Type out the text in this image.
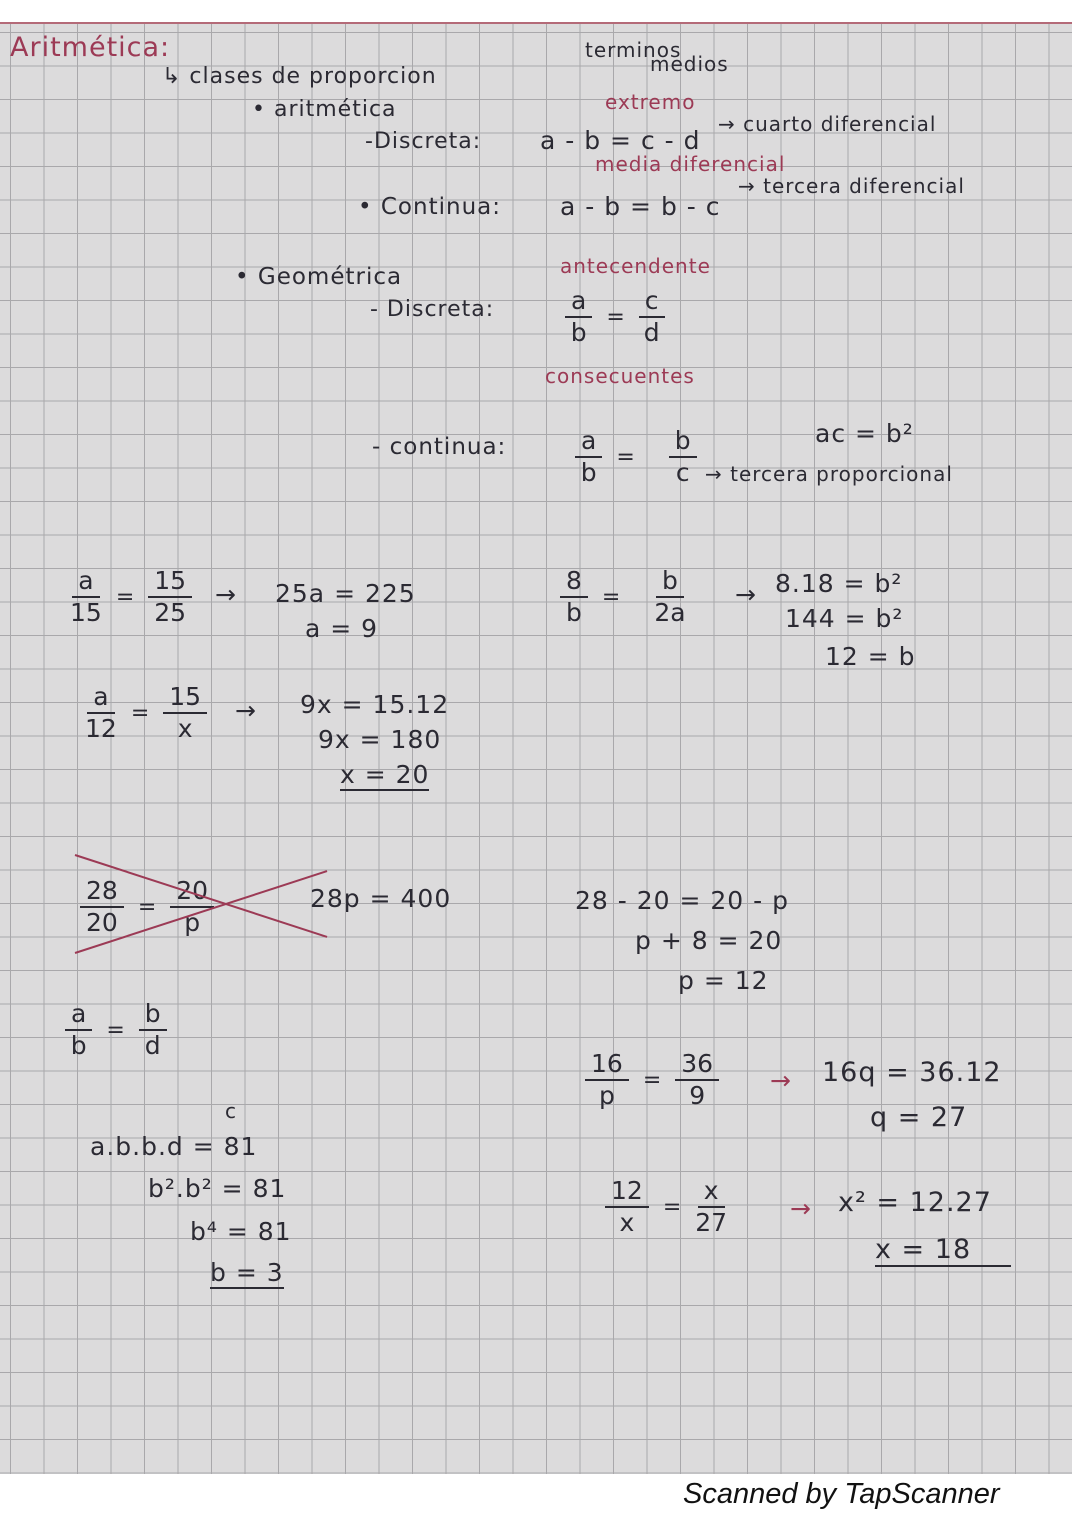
Aritmética:
↳ clases de proporcion
terminos
medios
extremo
• aritmética
-Discreta: a - b = c - d
→ cuarto diferencial
media diferencial
• Continua: a - b = b - c
→ tercera diferencial
• Geométrica	antecendente
- Discreta:	$\frac{a}{b} = \frac{c}{d}$
consecuentes
- continua:	$\frac{a}{b} = \frac{b}{c}$	ac = b²
→ tercera proporcional
$\frac{a}{15} = \frac{15}{25} \to 25a = 225$
a = 9
$\frac{8}{b} = \frac{b}{2a} \to 8.18 = b^2$
144 = b²
12 = b
$\frac{a}{12} = \frac{15}{x} \to 9x = 15.12$
9x = 180
x = 20
$\frac{28}{20} = \frac{20}{p}$	28p = 400	28 - 20 = 20 - p
p + 8 = 20
p = 12
$\frac{a}{b} = \frac{b}{d}$
c
a.b.b.d = 81
b².b² = 81
b⁴ = 81
b = 3
$\frac{16}{p} = \frac{36}{9} \to 16q = 36.12$
q = 27
$\frac{12}{x} = \frac{x}{27}$	→ x² = 12.27
x = 18
Scanned by TapScanner
